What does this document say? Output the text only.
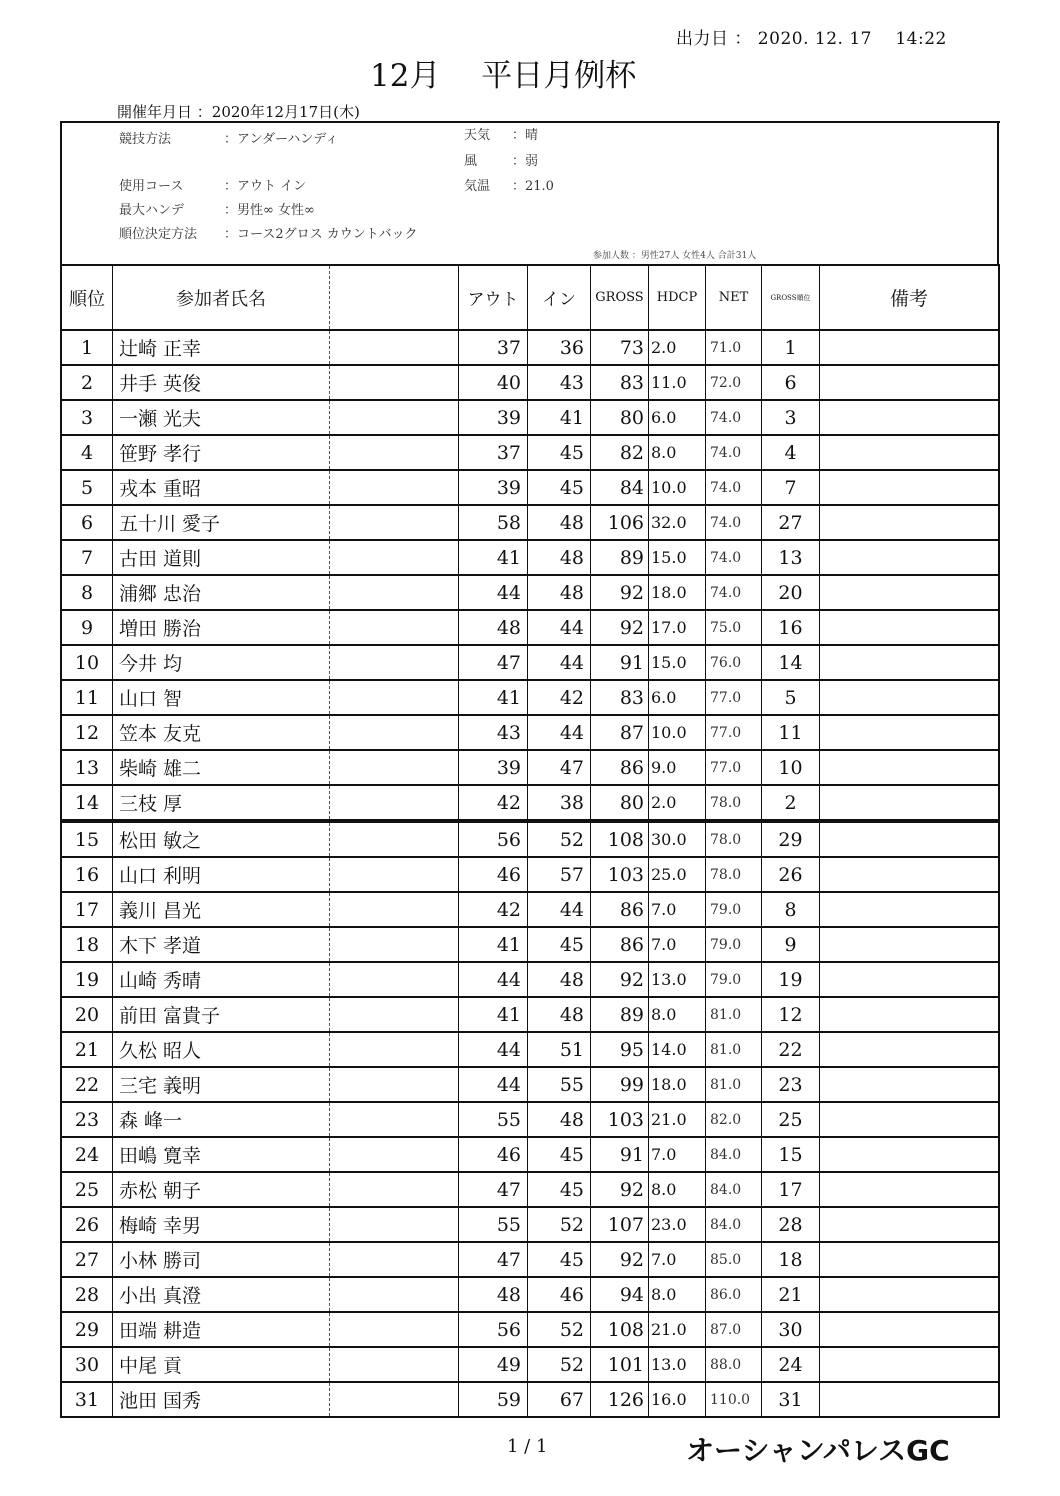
出力日 ： 2020. 12. 17　 14:22
12月　 平日月例杯
開催年月日 ：2020年12月17日(木)
競技方法	：アンダーハンディ
使用コース	：アウト イン
最大ハンデ	：男性∞ 女性∞
順位決定方法 ：コース2グロス カウントバック
天気 ：晴
風	：弱
気温 ：21.0
参加人数 ：男性27人 女性4人 合計31人
順位	参加者氏名		アウト	イン	GROSS	HDCP	NET	GROSS順位	備考
1	辻崎 正幸		37	36	73	2.0	71.0	1	
2	井手 英俊		40	43	83	11.0	72.0	6	
3	一瀬 光夫		39	41	80	6.0	74.0	3	
4	笹野 孝行		37	45	82	8.0	74.0	4	
5	戎本 重昭		39	45	84	10.0	74.0	7	
6	五十川 愛子		58	48	106	32.0	74.0	27	
7	古田 道則		41	48	89	15.0	74.0	13	
8	浦郷 忠治		44	48	92	18.0	74.0	20	
9	増田 勝治		48	44	92	17.0	75.0	16	
10	今井 均		47	44	91	15.0	76.0	14	
11	山口 智		41	42	83	6.0	77.0	5	
12	笠本 友克		43	44	87	10.0	77.0	11	
13	柴崎 雄二		39	47	86	9.0	77.0	10	
14	三枝 厚		42	38	80	2.0	78.0	2	
15	松田 敏之		56	52	108	30.0	78.0	29	
16	山口 利明		46	57	103	25.0	78.0	26	
17	義川 昌光		42	44	86	7.0	79.0	8	
18	木下 孝道		41	45	86	7.0	79.0	9	
19	山崎 秀晴		44	48	92	13.0	79.0	19	
20	前田 富貴子		41	48	89	8.0	81.0	12	
21	久松 昭人		44	51	95	14.0	81.0	22	
22	三宅 義明		44	55	99	18.0	81.0	23	
23	森 峰一		55	48	103	21.0	82.0	25	
24	田嶋 寛幸		46	45	91	7.0	84.0	15	
25	赤松 朝子		47	45	92	8.0	84.0	17	
26	梅崎 幸男		55	52	107	23.0	84.0	28	
27	小林 勝司		47	45	92	7.0	85.0	18	
28	小出 真澄		48	46	94	8.0	86.0	21	
29	田端 耕造		56	52	108	21.0	87.0	30	
30	中尾 貢		49	52	101	13.0	88.0	24	
31	池田 国秀		59	67	126	16.0	110.0	31	
1 / 1	オーシャンパレスGC
